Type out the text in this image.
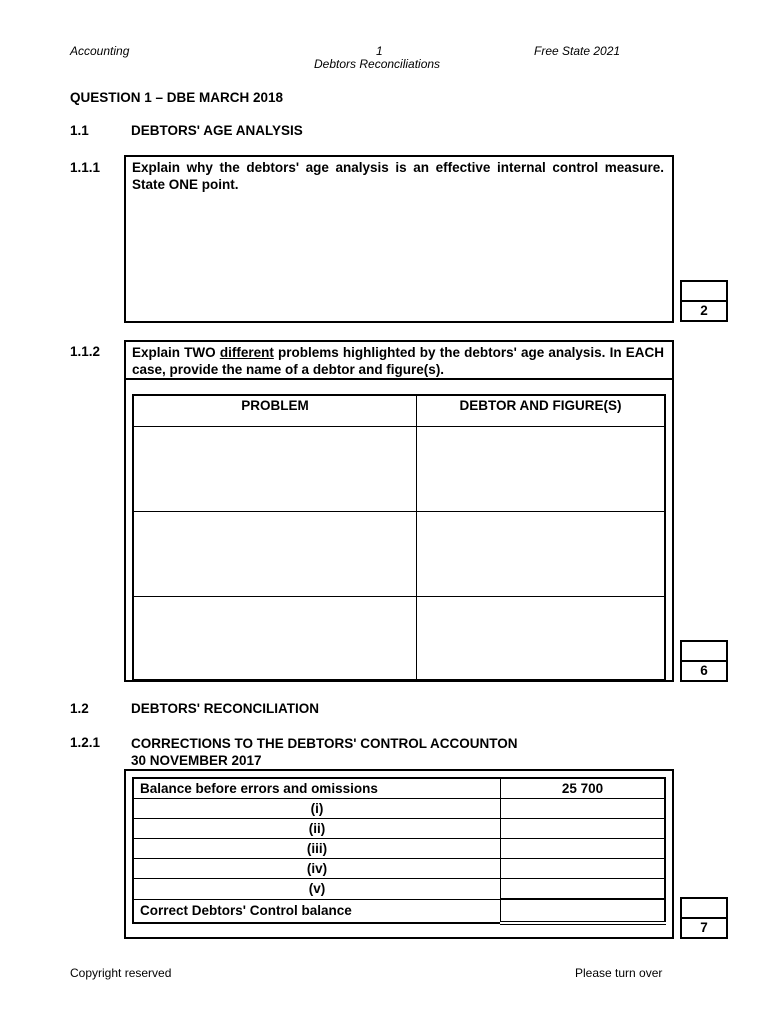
Accounting	1	Free State 2021
Debtors Reconciliations
QUESTION 1 – DBE MARCH 2018
1.1	DEBTORS' AGE ANALYSIS
1.1.1 Explain why the debtors' age analysis is an effective internal control measure. State ONE point.
2
1.1.2 Explain TWO different problems highlighted by the debtors' age analysis. In EACH case, provide the name of a debtor and figure(s).
PROBLEM	DEBTOR AND FIGURE(S)

6
1.2	DEBTORS' RECONCILIATION
1.2.1 CORRECTIONS TO THE DEBTORS' CONTROL ACCOUNTON
30 NOVEMBER 2017
Balance before errors and omissions	25 700
(i)	
(ii)	
(iii)	
(iv)	
(v)	
Correct Debtors' Control balance	
7
Copyright reserved	Please turn over
